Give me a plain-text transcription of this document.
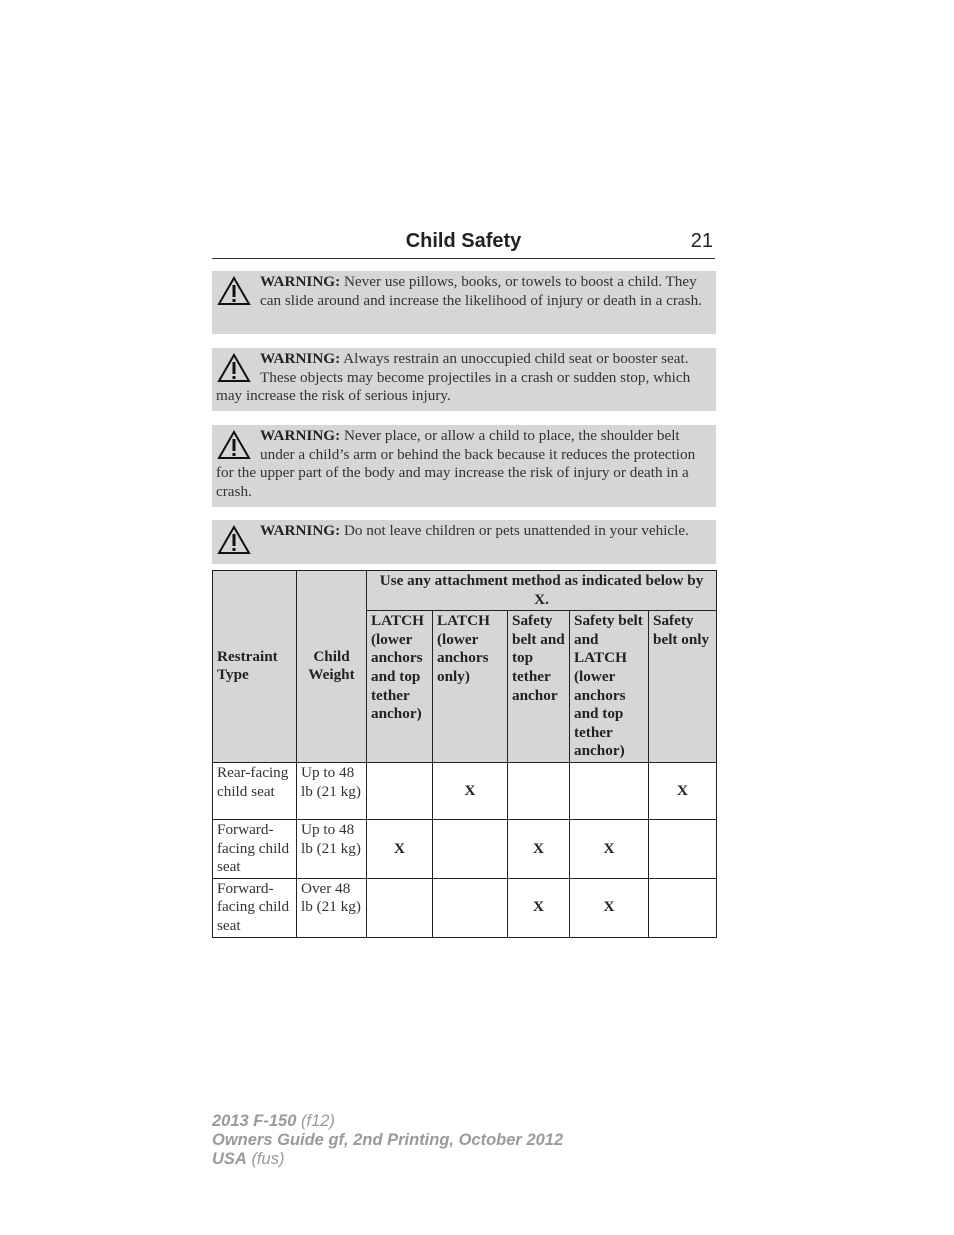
Child Safety	21
WARNING: Never use pillows, books, or towels to boost a child. They can slide around and increase the likelihood of injury or death in a crash.
WARNING: Always restrain an unoccupied child seat or booster seat. These objects may become projectiles in a crash or sudden stop, which may increase the risk of serious injury.
WARNING: Never place, or allow a child to place, the shoulder belt under a child’s arm or behind the back because it reduces the protection for the upper part of the body and may increase the risk of injury or death in a crash.
WARNING: Do not leave children or pets unattended in your vehicle.
Restraint Type	Child Weight	Use any attachment method as indicated below by X.				
		LATCH (lower anchors and top tether anchor)	LATCH (lower anchors only)	Safety belt and top tether anchor	Safety belt and LATCH (lower anchors and top tether anchor)	Safety belt only
Rear-facing child seat	Up to 48 lb (21 kg)		X			X
Forward-facing child seat	Up to 48 lb (21 kg)	X		X	X	
Forward-facing child seat	Over 48 lb (21 kg)			X	X	
2013 F-150 (f12)
Owners Guide gf, 2nd Printing, October 2012
USA (fus)
